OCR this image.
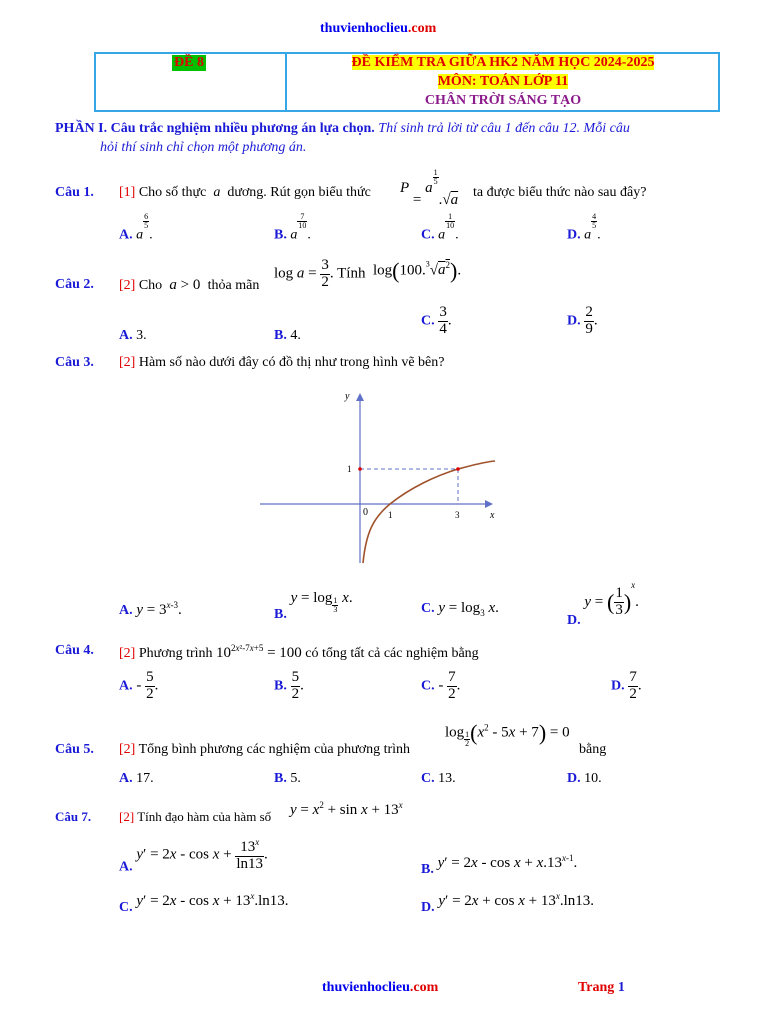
thuvienhoclieu.com
ĐỀ 8	ĐỀ KIỂM TRA GIỮA HK2 NĂM HỌC 2024-2025
MÔN: TOÁN LỚP 11
CHÂN TRỜI SÁNG TẠO
PHẦN I. Câu trắc nghiệm nhiều phương án lựa chọn. Thí sinh trả lời từ câu 1 đến câu 12. Mỗi câu
hỏi thí sinh chỉ chọn một phương án.
Câu 1. [1] Cho số thực  a  dương. Rút gọn biểu thức P = a
$\frac{1}{5}$
.√a ta được biểu thức nào sau đây?
A. a
$\frac{6}{5}$
.	B. a
$\frac{7}{10}$
.	C. a
$\frac{1}{10}$
.	D. a
$\frac{4}{5}$
.
Câu 2. [2] Cho  a > 0 thỏa mãn
$\log a = \frac{3}{2}$ . Tính $\log(100.^3√a^2)$.
A. 3.	B. 4.
C. $\frac{3}{4}$ .	D. $\frac{2}{9}$ .
Câu 3. [2] Hàm số nào dưới đây có đồ thị như trong hình vẽ bên?
y
x
0 1	3
1
A. $y = 3^{x-3}$.	B. $y = \log \frac{1}{3} x$.
C. $y = \log_3 x$.
D. y = ( $\frac{1}{3} )^x$.
Câu 4. [2] Phương trình $10^{2x^2-7x+5} = 100$ có tổng tất cả các nghiệm bằng
A. - $\frac{5}{2}$ .	B. $\frac{5}{2}$ .	C. - $\frac{7}{2}$ .	D. $\frac{7}{2}$ .
$\log \frac{1}{2} (x^2 - 5x + 7) = 0$
Câu 5. [2] Tổng bình phương các nghiệm của phương trình	bằng
A. 17.	B. 5.	C. 13.	D. 10.
Câu 7. [2] Tính đạo hàm của hàm số $y = x^2 + \sin x + 13^x$
A. $y' = 2x - \cos x + \frac{13^x}{\ln 13}$ .
B. $y' = 2x - \cos x + x.13^{x-1}$.
C. $y' = 2x - \cos x + 13^x.\ln 13$.	D. $y' = 2x + \cos x + 13^x.\ln 13$.
thuvienhoclieu.com	Trang 1
